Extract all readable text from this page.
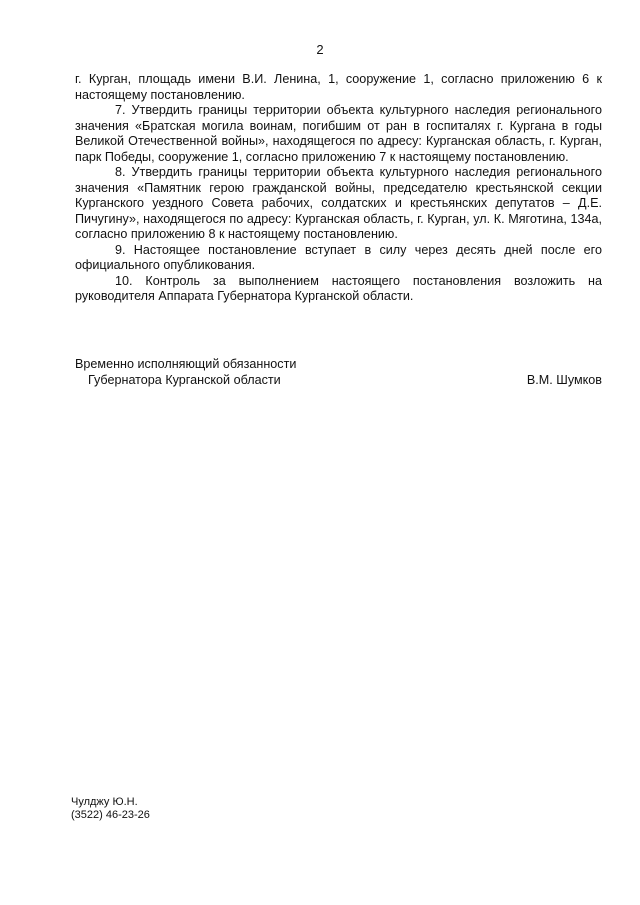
2

г. Курган, площадь имени В.И. Ленина, 1, сооружение 1, согласно приложению 6 к настоящему постановлению.

7. Утвердить границы территории объекта культурного наследия регионального значения «Братская могила воинам, погибшим от ран в госпиталях г. Кургана в годы Великой Отечественной войны», находящегося по адресу: Курганская область, г. Курган, парк Победы, сооружение 1, согласно приложению 7 к настоящему постановлению.

8. Утвердить границы территории объекта культурного наследия регионального значения «Памятник герою гражданской войны, председателю крестьянской секции Курганского уездного Совета рабочих, солдатских и крестьянских депутатов – Д.Е. Пичугину», находящегося по адресу: Курганская область, г. Курган, ул. К. Мяготина, 134а, согласно приложению 8 к настоящему постановлению.

9. Настоящее постановление вступает в силу через десять дней после его официального опубликования.

10. Контроль за выполнением настоящего постановления возложить на руководителя Аппарата Губернатора Курганской области.

Временно исполняющий обязанности
Губернатора Курганской области	В.М. Шумков
Чулджу Ю.Н.
(3522) 46-23-26
